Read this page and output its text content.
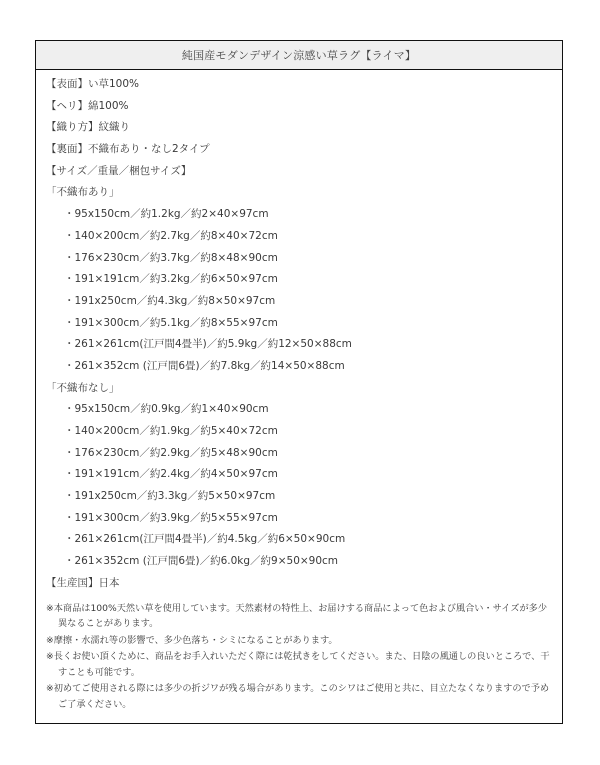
純国産モダンデザイン涼感い草ラグ【ライマ】
【表面】い草100%
【ヘリ】綿100%
【織り方】紋織り
【裏面】不織布あり・なし2タイプ
【サイズ／重量／梱包サイズ】
「不織布あり」
・95x150cm／約1.2kg／約2×40×97cm
・140×200cm／約2.7kg／約8×40×72cm
・176×230cm／約3.7kg／約8×48×90cm
・191×191cm／約3.2kg／約6×50×97cm
・191x250cm／約4.3kg／約8×50×97cm
・191×300cm／約5.1kg／約8×55×97cm
・261×261cm(江戸間4畳半)／約5.9kg／約12×50×88cm
・261×352cm (江戸間6畳)／約7.8kg／約14×50×88cm
「不織布なし」
・95x150cm／約0.9kg／約1×40×90cm
・140×200cm／約1.9kg／約5×40×72cm
・176×230cm／約2.9kg／約5×48×90cm
・191×191cm／約2.4kg／約4×50×97cm
・191x250cm／約3.3kg／約5×50×97cm
・191×300cm／約3.9kg／約5×55×97cm
・261×261cm(江戸間4畳半)／約4.5kg／約6×50×90cm
・261×352cm (江戸間6畳)／約6.0kg／約9×50×90cm
【生産国】日本
※本商品は100%天然い草を使用しています。天然素材の特性上、お届けする商品によって色および風合い・サイズが多少異なることがあります。
※摩擦・水濡れ等の影響で、多少色落ち・シミになることがあります。
※長くお使い頂くために、商品をお手入れいただく際には乾拭きをしてください。また、日陰の風通しの良いところで、干すことも可能です。
※初めてご使用される際には多少の折ジワが残る場合があります。このシワはご使用と共に、目立たなくなりますので予めご了承ください。
